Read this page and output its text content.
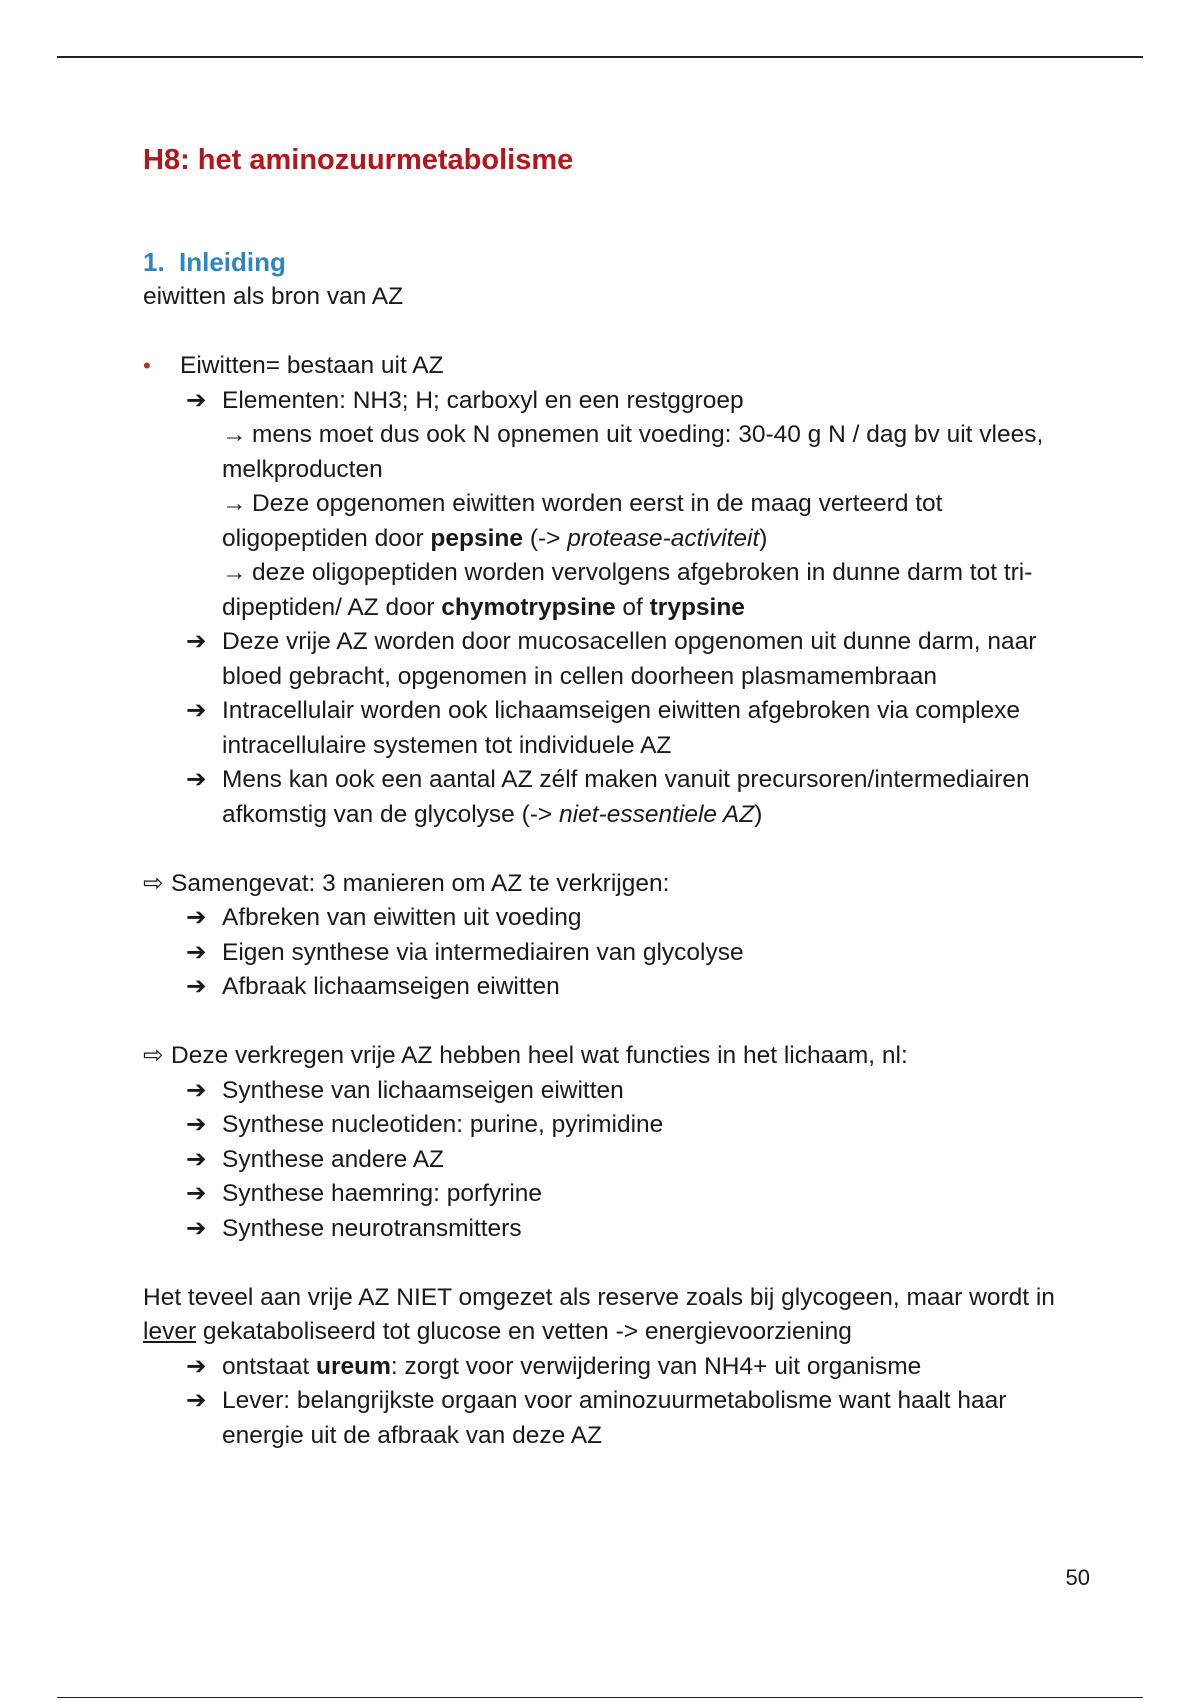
H8: het aminozuurmetabolisme
1. Inleiding

eiwitten als bron van AZ

• Eiwitten= bestaan uit AZ
➔ Elementen: NH3; H; carboxyl en een restggroep
→ mens moet dus ook N opnemen uit voeding: 30-40 g N / dag bv uit vlees, melkproducten
→ Deze opgenomen eiwitten worden eerst in de maag verteerd tot oligopeptiden door pepsine (-> protease-activiteit)
→ deze oligopeptiden worden vervolgens afgebroken in dunne darm tot tri-dipeptiden/ AZ door chymotrypsine of trypsine
➔ Deze vrije AZ worden door mucosacellen opgenomen uit dunne darm, naar bloed gebracht, opgenomen in cellen doorheen plasmamembraan
➔ Intracellulair worden ook lichaamseigen eiwitten afgebroken via complexe intracellulaire systemen tot individuele AZ
➔ Mens kan ook een aantal AZ zélf maken vanuit precursoren/intermediairen afkomstig van de glycolyse (-> niet-essentiele AZ)

⇨ Samengevat: 3 manieren om AZ te verkrijgen:

➔ Afbreken van eiwitten uit voeding
➔ Eigen synthese via intermediairen van glycolyse
➔ Afbraak lichaamseigen eiwitten

⇨ Deze verkregen vrije AZ hebben heel wat functies in het lichaam, nl:

➔ Synthese van lichaamseigen eiwitten
➔ Synthese nucleotiden: purine, pyrimidine
➔ Synthese andere AZ
➔ Synthese haemring: porfyrine
➔ Synthese neurotransmitters

Het teveel aan vrije AZ NIET omgezet als reserve zoals bij glycogeen, maar wordt in lever gekataboliseerd tot glucose en vetten -> energievoorziening

➔ ontstaat ureum: zorgt voor verwijdering van NH4+ uit organisme
➔ Lever: belangrijkste orgaan voor aminozuurmetabolisme want haalt haar energie uit de afbraak van deze AZ
50
